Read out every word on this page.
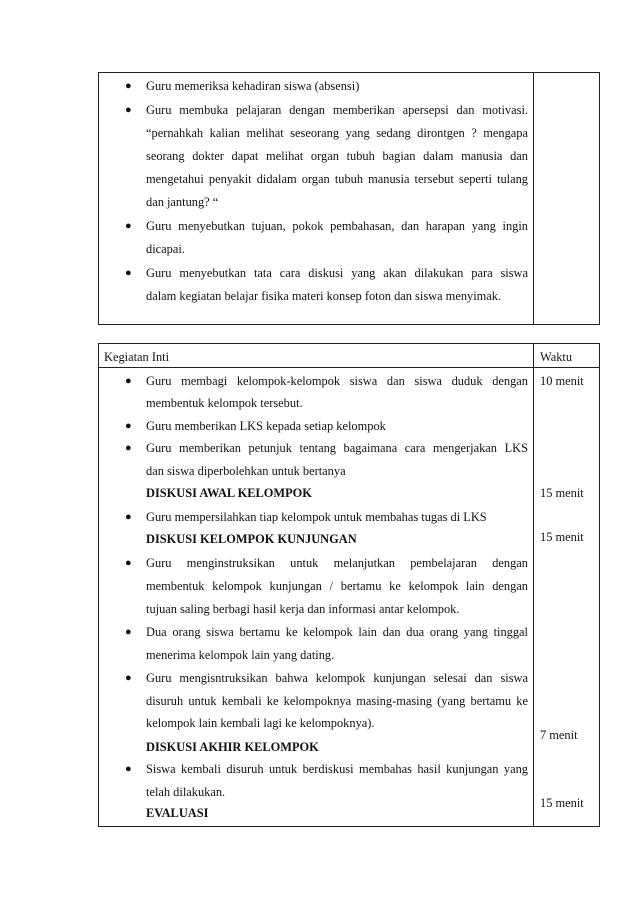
● Guru memeriksa kehadiran siswa (absensi)
● Guru membuka pelajaran dengan memberikan apersepsi dan motivasi.
“pernahkah kalian melihat seseorang yang sedang dirontgen ? mengapa
seorang dokter dapat melihat organ tubuh bagian dalam manusia dan
mengetahui penyakit didalam organ tubuh manusia tersebut seperti tulang
dan jantung? “
● Guru menyebutkan tujuan, pokok pembahasan, dan harapan yang ingin
dicapai.
● Guru menyebutkan tata cara diskusi yang akan dilakukan para siswa
dalam kegiatan belajar fisika materi konsep foton dan siswa menyimak.
Kegiatan Inti	Waktu
● Guru membagi kelompok-kelompok siswa dan siswa duduk dengan
membentuk kelompok tersebut.
● Guru memberikan LKS kepada setiap kelompok
● Guru memberikan petunjuk tentang bagaimana cara mengerjakan LKS
dan siswa diperbolehkan untuk bertanya
DISKUSI AWAL KELOMPOK
● Guru mempersilahkan tiap kelompok untuk membahas tugas di LKS
DISKUSI KELOMPOK KUNJUNGAN
● Guru menginstruksikan untuk melanjutkan pembelajaran dengan
membentuk kelompok kunjungan / bertamu ke kelompok lain dengan
tujuan saling berbagi hasil kerja dan informasi antar kelompok.
● Dua orang siswa bertamu ke kelompok lain dan dua orang yang tinggal
menerima kelompok lain yang dating.
● Guru mengisntruksikan bahwa kelompok kunjungan selesai dan siswa
disuruh untuk kembali ke kelompoknya masing-masing (yang bertamu ke
kelompok lain kembali lagi ke kelompoknya).
DISKUSI AKHIR KELOMPOK
● Siswa kembali disuruh untuk berdiskusi membahas hasil kunjungan yang
telah dilakukan.
EVALUASI
10 menit
15 menit
15 menit
7 menit
15 menit
